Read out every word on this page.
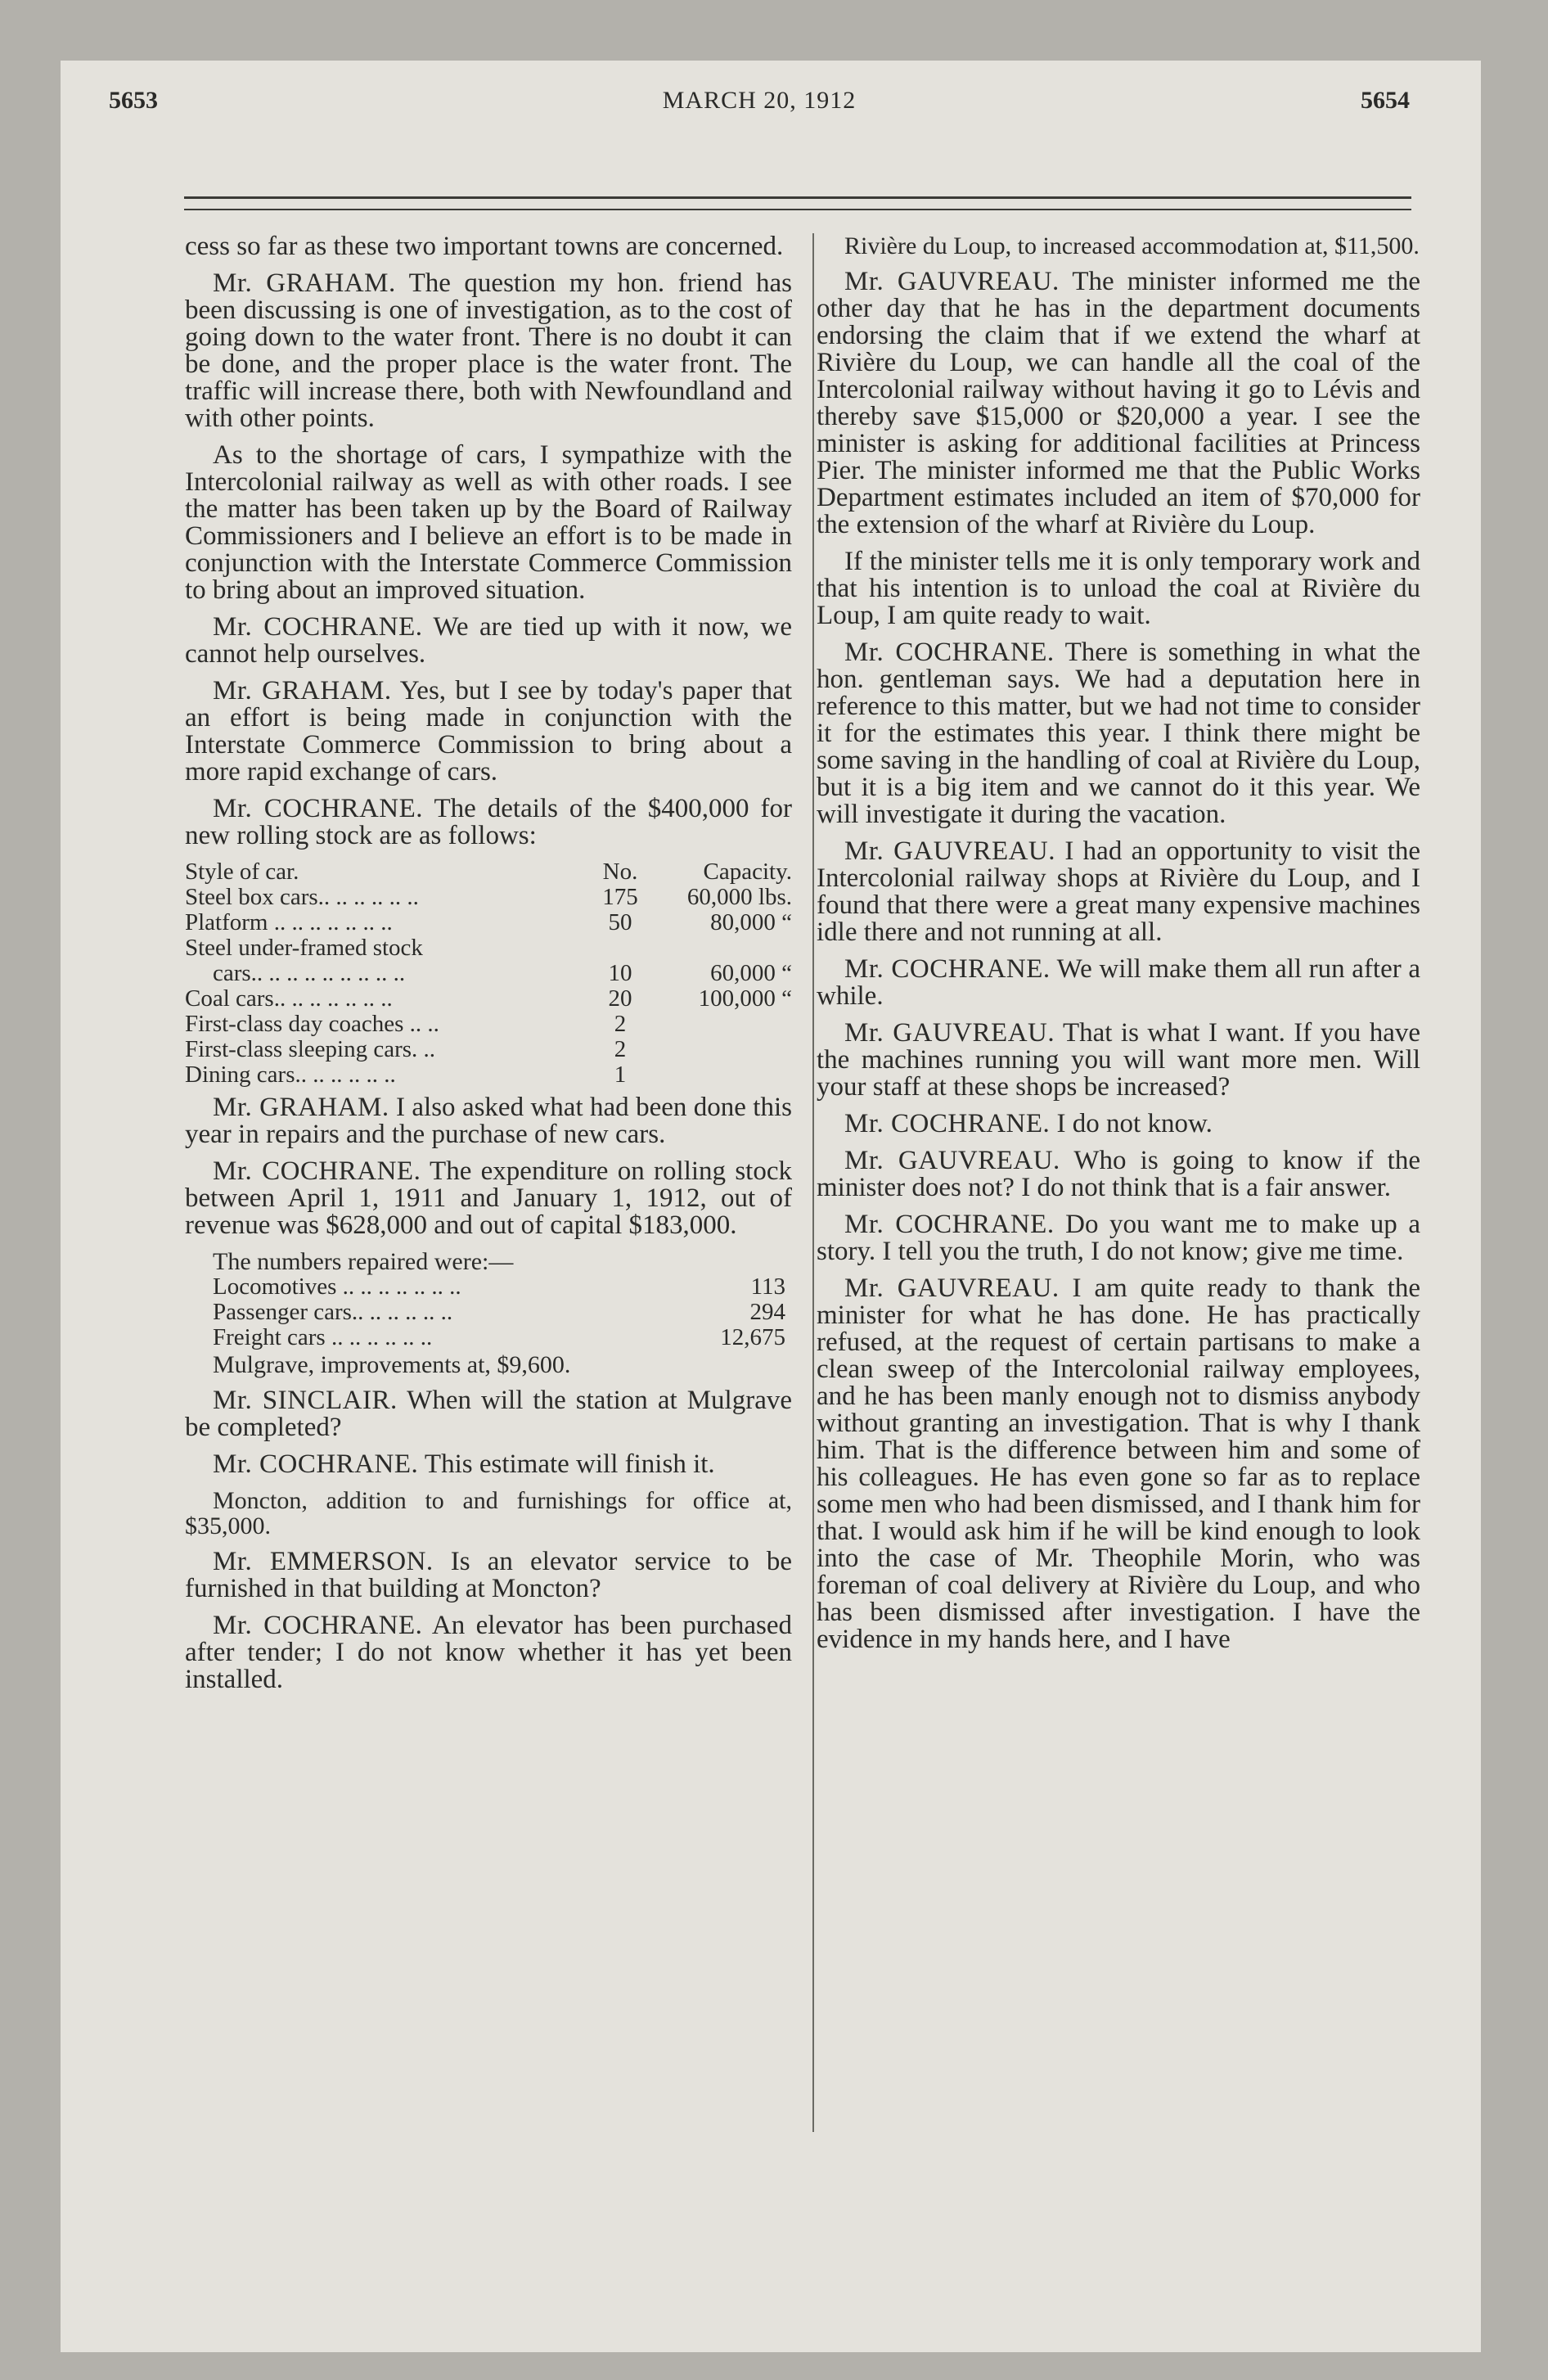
5653	MARCH 20, 1912	5654

cess so far as these two important towns are concerned.

Mr. GRAHAM. The question my hon. friend has been discussing is one of investigation, as to the cost of going down to the water front. There is no doubt it can be done, and the proper place is the water front. The traffic will increase there, both with Newfoundland and with other points.

As to the shortage of cars, I sympathize with the Intercolonial railway as well as with other roads. I see the matter has been taken up by the Board of Railway Commissioners and I believe an effort is to be made in conjunction with the Interstate Commerce Commission to bring about an improved situation.

Mr. COCHRANE. We are tied up with it now, we cannot help ourselves.

Mr. GRAHAM. Yes, but I see by today's paper that an effort is being made in conjunction with the Interstate Commerce Commission to bring about a more rapid exchange of cars.

Mr. COCHRANE. The details of the $400,000 for new rolling stock are as follows:

Style of car.	No.	Capacity.
Steel box cars.. .. .. .. .. ..	175	60,000 lbs.
Platform .. .. .. .. .. .. ..	50	80,000 “
Steel under-framed stock		
cars.. .. .. .. .. .. .. .. ..	10	60,000 “
Coal cars.. .. .. .. .. .. ..	20	100,000 “
First-class day coaches .. ..	2	
First-class sleeping cars. ..	2	
Dining cars.. .. .. .. .. ..	1	

Mr. GRAHAM. I also asked what had been done this year in repairs and the purchase of new cars.

Mr. COCHRANE. The expenditure on rolling stock between April 1, 1911 and January 1, 1912, out of revenue was $628,000 and out of capital $183,000.

The numbers repaired were:—

Locomotives .. .. .. .. .. .. ..	113
Passenger cars.. .. .. .. .. ..	294
Freight cars .. .. .. .. .. ..	12,675

Mulgrave, improvements at, $9,600.

Mr. SINCLAIR. When will the station at Mulgrave be completed?

Mr. COCHRANE. This estimate will finish it.

Moncton, addition to and furnishings for office at, $35,000.

Mr. EMMERSON. Is an elevator service to be furnished in that building at Moncton?

Mr. COCHRANE. An elevator has been purchased after tender; I do not know whether it has yet been installed.

Rivière du Loup, to increased accommodation at, $11,500.

Mr. GAUVREAU. The minister informed me the other day that he has in the department documents endorsing the claim that if we extend the wharf at Rivière du Loup, we can handle all the coal of the Intercolonial railway without having it go to Lévis and thereby save $15,000 or $20,000 a year. I see the minister is asking for additional facilities at Princess Pier. The minister informed me that the Public Works Department estimates included an item of $70,000 for the extension of the wharf at Rivière du Loup.

If the minister tells me it is only temporary work and that his intention is to unload the coal at Rivière du Loup, I am quite ready to wait.

Mr. COCHRANE. There is something in what the hon. gentleman says. We had a deputation here in reference to this matter, but we had not time to consider it for the estimates this year. I think there might be some saving in the handling of coal at Rivière du Loup, but it is a big item and we cannot do it this year. We will investigate it during the vacation.

Mr. GAUVREAU. I had an opportunity to visit the Intercolonial railway shops at Rivière du Loup, and I found that there were a great many expensive machines idle there and not running at all.

Mr. COCHRANE. We will make them all run after a while.

Mr. GAUVREAU. That is what I want. If you have the machines running you will want more men. Will your staff at these shops be increased?

Mr. COCHRANE. I do not know.

Mr. GAUVREAU. Who is going to know if the minister does not? I do not think that is a fair answer.

Mr. COCHRANE. Do you want me to make up a story. I tell you the truth, I do not know; give me time.

Mr. GAUVREAU. I am quite ready to thank the minister for what he has done. He has practically refused, at the request of certain partisans to make a clean sweep of the Intercolonial railway employees, and he has been manly enough not to dismiss anybody without granting an investigation. That is why I thank him. That is the difference between him and some of his colleagues. He has even gone so far as to replace some men who had been dismissed, and I thank him for that. I would ask him if he will be kind enough to look into the case of Mr. Theophile Morin, who was foreman of coal delivery at Rivière du Loup, and who has been dismissed after investigation. I have the evidence in my hands here, and I have
